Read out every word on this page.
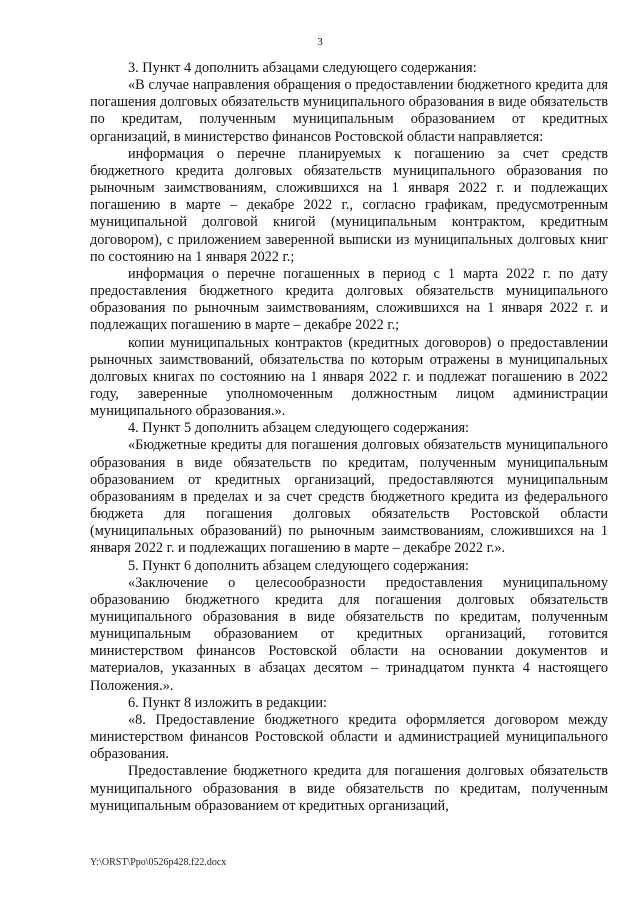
3

3. Пункт 4 дополнить абзацами следующего содержания:

«В случае направления обращения о предоставлении бюджетного кредита для погашения долговых обязательств муниципального образования в виде обязательств по кредитам, полученным муниципальным образованием от кредитных организаций, в министерство финансов Ростовской области направляется:

информация о перечне планируемых к погашению за счет средств бюджетного кредита долговых обязательств муниципального образования по рыночным заимствованиям, сложившихся на 1 января 2022 г. и подлежащих погашению в марте – декабре 2022 г., согласно графикам, предусмотренным муниципальной долговой книгой (муниципальным контрактом, кредитным договором), с приложением заверенной выписки из муниципальных долговых книг по состоянию на 1 января 2022 г.;

информация о перечне погашенных в период с 1 марта 2022 г. по дату предоставления бюджетного кредита долговых обязательств муниципального образования по рыночным заимствованиям, сложившихся на 1 января 2022 г. и подлежащих погашению в марте – декабре 2022 г.;

копии муниципальных контрактов (кредитных договоров) о предоставлении рыночных заимствований, обязательства по которым отражены в муниципальных долговых книгах по состоянию на 1 января 2022 г. и подлежат погашению в 2022 году, заверенные уполномоченным должностным лицом администрации муниципального образования.».

4. Пункт 5 дополнить абзацем следующего содержания:

«Бюджетные кредиты для погашения долговых обязательств муниципального образования в виде обязательств по кредитам, полученным муниципальным образованием от кредитных организаций, предоставляются муниципальным образованиям в пределах и за счет средств бюджетного кредита из федерального бюджета для погашения долговых обязательств Ростовской области (муниципальных образований) по рыночным заимствованиям, сложившихся на 1 января 2022 г. и подлежащих погашению в марте – декабре 2022 г.».

5. Пункт 6 дополнить абзацем следующего содержания:

«Заключение о целесообразности предоставления муниципальному образованию бюджетного кредита для погашения долговых обязательств муниципального образования в виде обязательств по кредитам, полученным муниципальным образованием от кредитных организаций, готовится министерством финансов Ростовской области на основании документов и материалов, указанных в абзацах десятом – тринадцатом пункта 4 настоящего Положения.».

6. Пункт 8 изложить в редакции:

«8. Предоставление бюджетного кредита оформляется договором между министерством финансов Ростовской области и администрацией муниципального образования.

Предоставление бюджетного кредита для погашения долговых обязательств муниципального образования в виде обязательств по кредитам, полученным муниципальным образованием от кредитных организаций,

Y:\ORST\Ppo\0526p428.f22.docx
